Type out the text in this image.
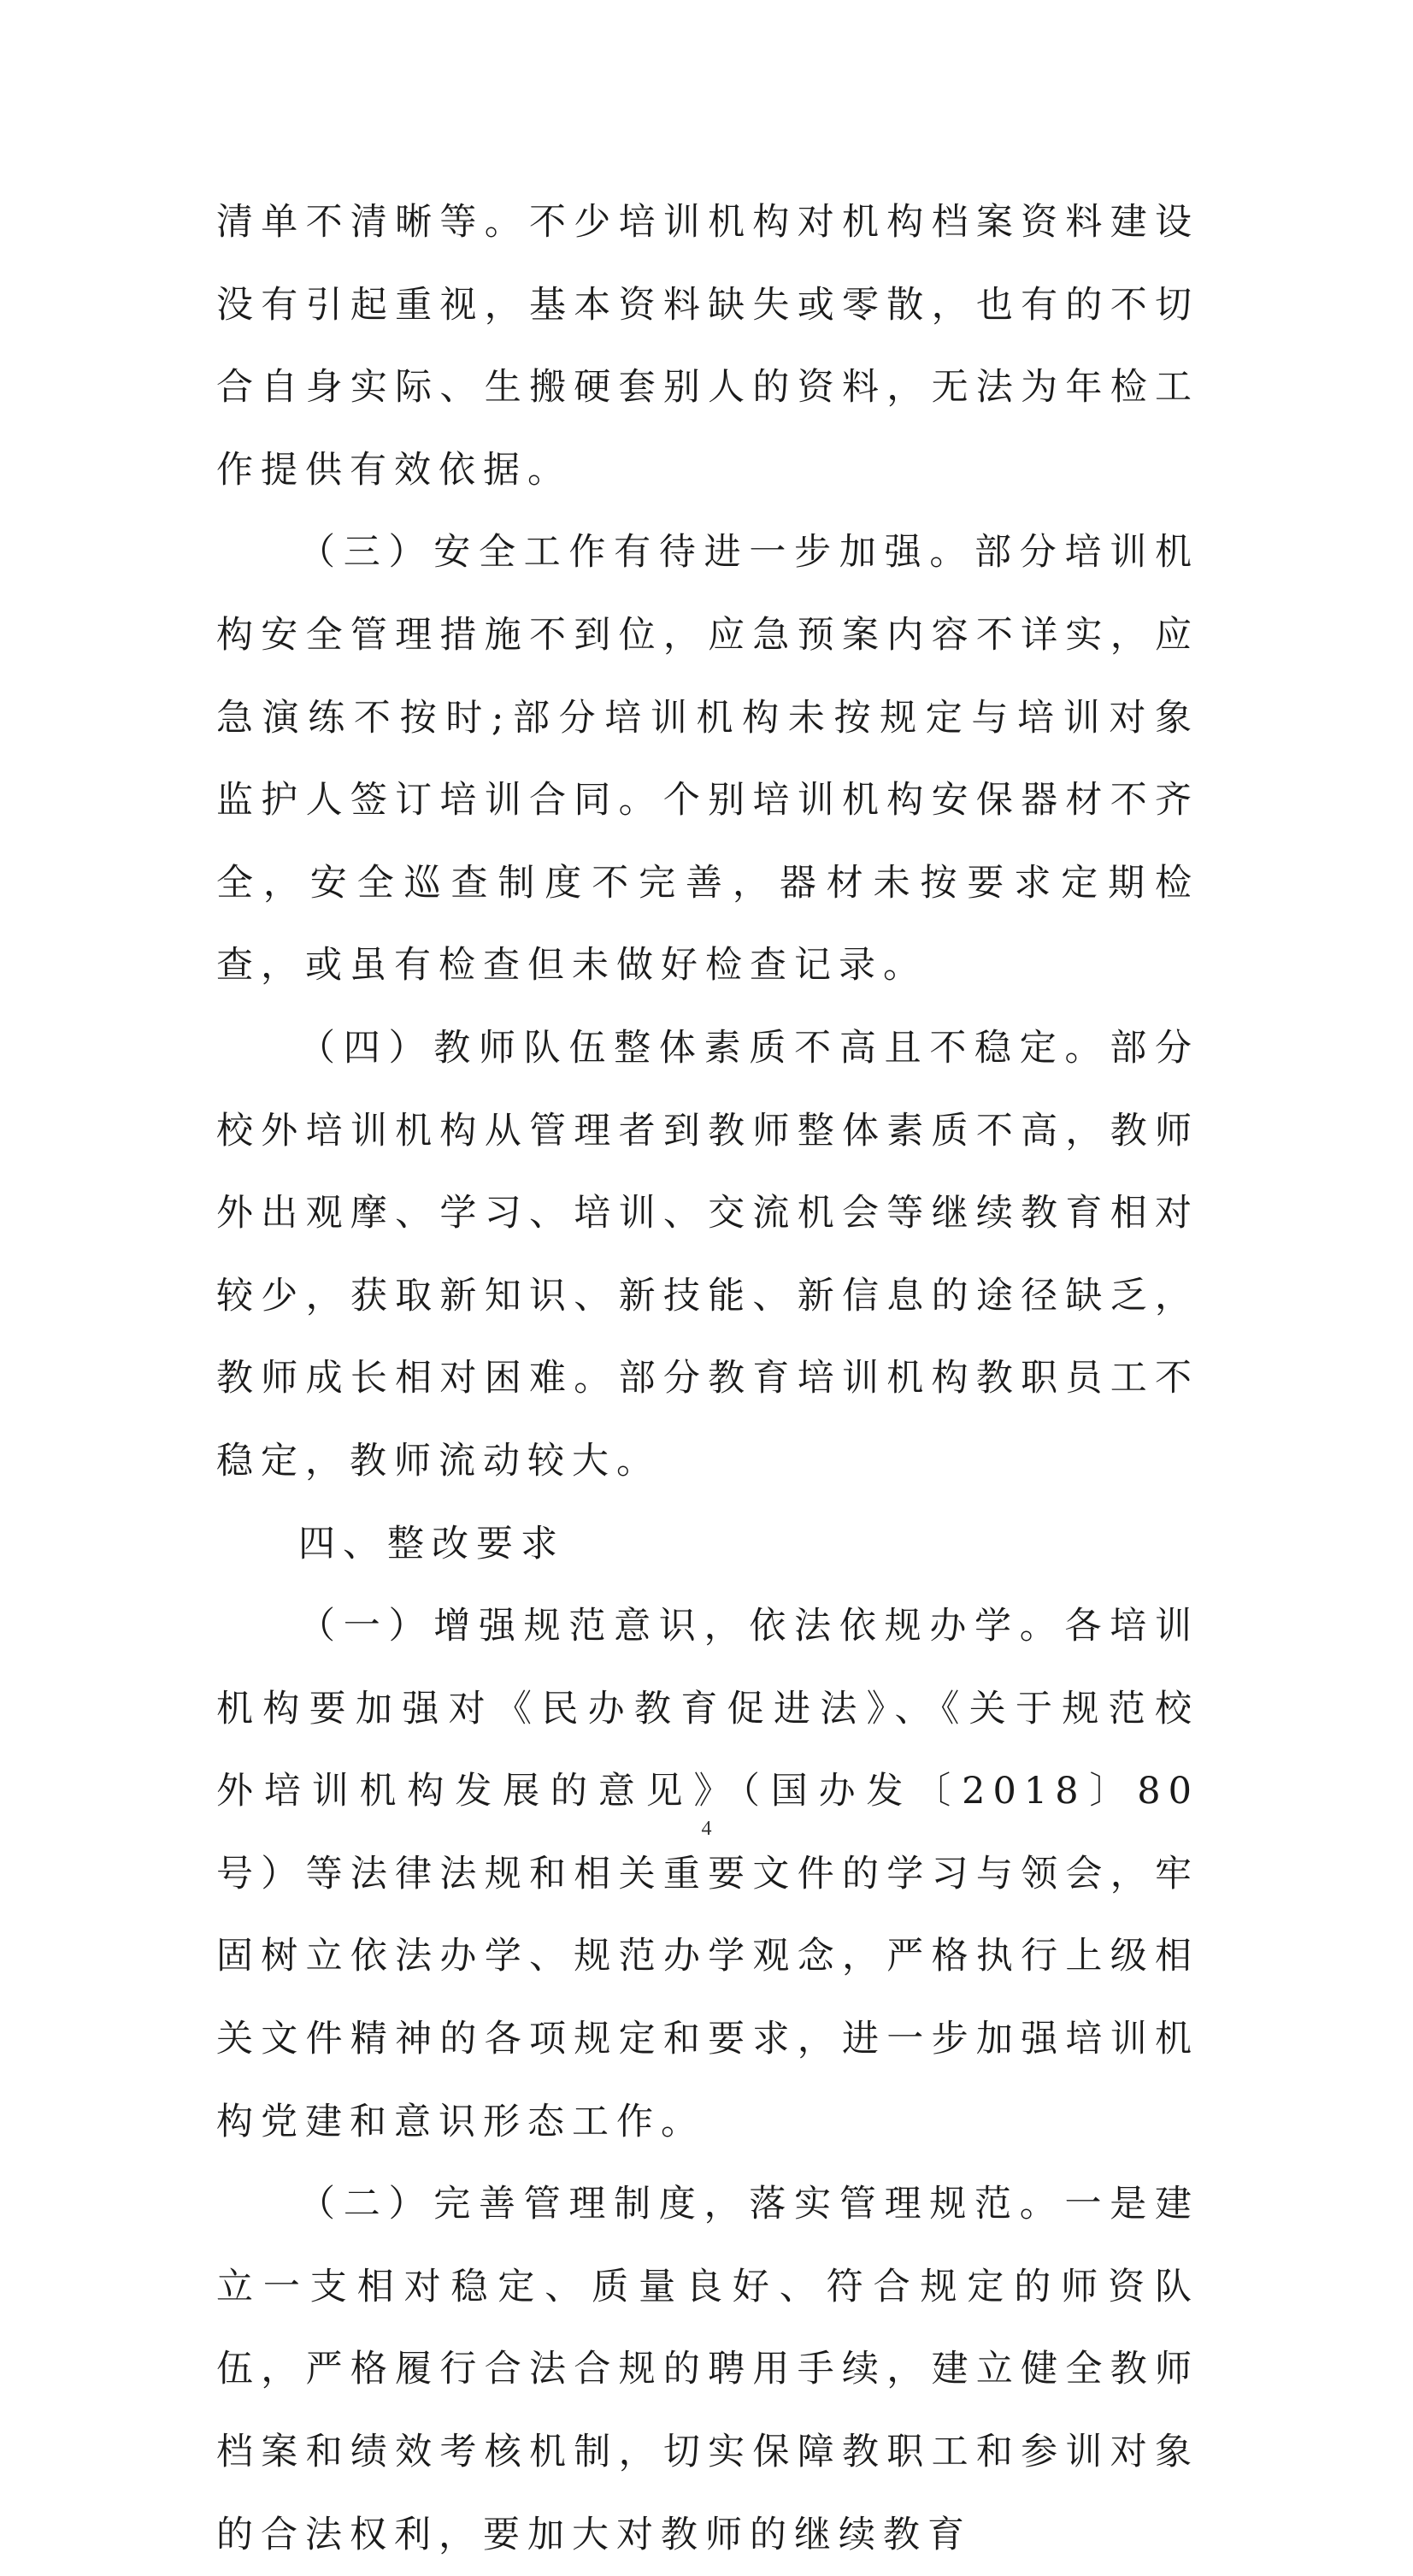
清单不清晰等。不少培训机构对机构档案资料建设没有引起重视，基本资料缺失或零散，也有的不切合自身实际、生搬硬套别人的资料，无法为年检工作提供有效依据。

（三）安全工作有待进一步加强。部分培训机构安全管理措施不到位，应急预案内容不详实，应急演练不按时;部分培训机构未按规定与培训对象监护人签订培训合同。个别培训机构安保器材不齐全，安全巡查制度不完善，器材未按要求定期检查，或虽有检查但未做好检查记录。

（四）教师队伍整体素质不高且不稳定。部分校外培训机构从管理者到教师整体素质不高，教师外出观摩、学习、培训、交流机会等继续教育相对较少，获取新知识、新技能、新信息的途径缺乏，教师成长相对困难。部分教育培训机构教职员工不稳定，教师流动较大。

四、整改要求

（一）增强规范意识，依法依规办学。各培训机构要加强对《民办教育促进法》、《关于规范校外培训机构发展的意见》（国办发〔2018〕80号）等法律法规和相关重要文件的学习与领会，牢固树立依法办学、规范办学观念，严格执行上级相关文件精神的各项规定和要求，进一步加强培训机构党建和意识形态工作。

（二）完善管理制度，落实管理规范。一是建立一支相对稳定、质量良好、符合规定的师资队伍，严格履行合法合规的聘用手续，建立健全教师档案和绩效考核机制，切实保障教职工和参训对象的合法权利，要加大对教师的继续教育

4
